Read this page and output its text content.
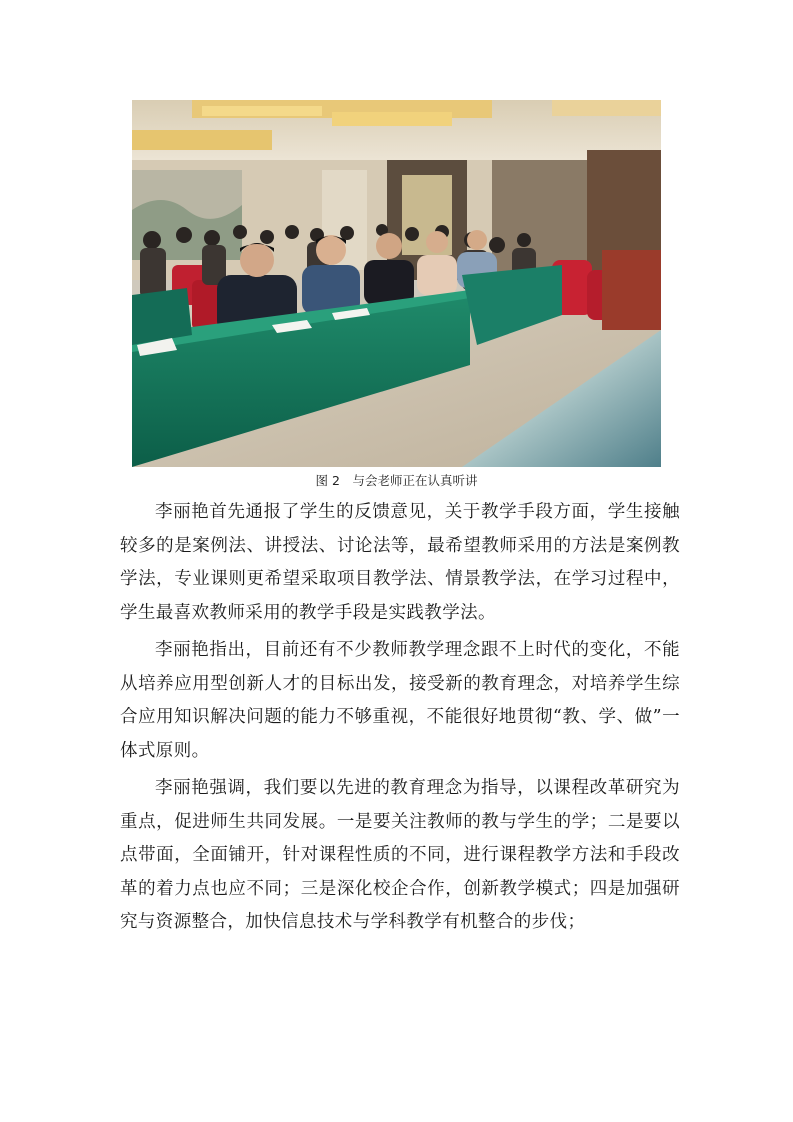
图 2　与会老师正在认真听讲

李丽艳首先通报了学生的反馈意见，关于教学手段方面，学生接触较多的是案例法、讲授法、讨论法等，最希望教师采用的方法是案例教学法，专业课则更希望采取项目教学法、情景教学法，在学习过程中，学生最喜欢教师采用的教学手段是实践教学法。

李丽艳指出，目前还有不少教师教学理念跟不上时代的变化，不能从培养应用型创新人才的目标出发，接受新的教育理念，对培养学生综合应用知识解决问题的能力不够重视，不能很好地贯彻“教、学、做”一体式原则。

李丽艳强调，我们要以先进的教育理念为指导，以课程改革研究为重点，促进师生共同发展。一是要关注教师的教与学生的学；二是要以点带面，全面铺开，针对课程性质的不同，进行课程教学方法和手段改革的着力点也应不同；三是深化校企合作，创新教学模式；四是加强研究与资源整合，加快信息技术与学科教学有机整合的步伐；
